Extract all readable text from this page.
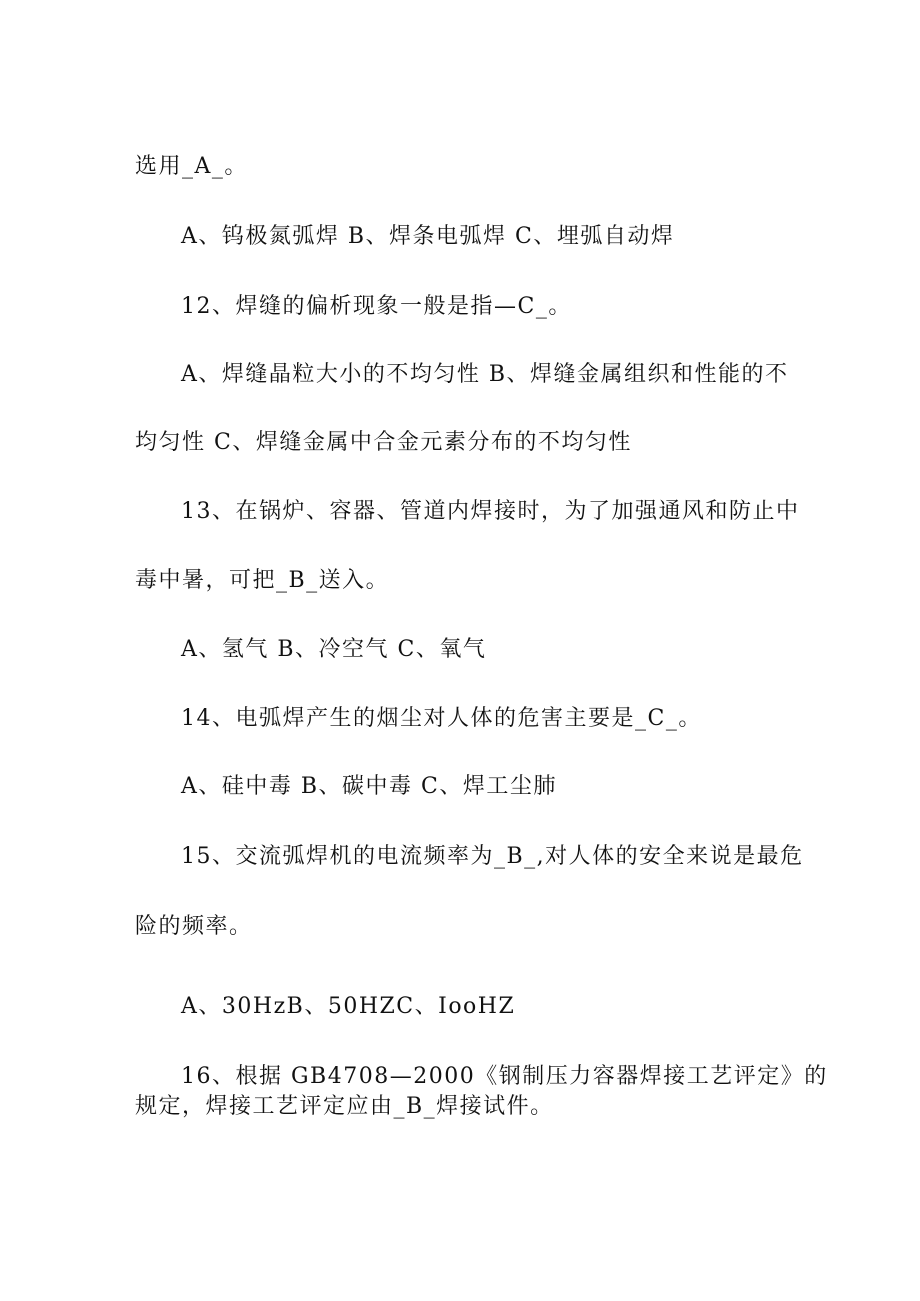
选用_A_。
A、钨极氮弧焊 B、焊条电弧焊 C、埋弧自动焊
12、焊缝的偏析现象一般是指—C_。
A、焊缝晶粒大小的不均匀性 B、焊缝金属组织和性能的不
均匀性 C、焊缝金属中合金元素分布的不均匀性
13、在锅炉、容器、管道内焊接时，为了加强通风和防止中
毒中暑，可把_B_送入。
A、氢气 B、冷空气 C、氧气
14、电弧焊产生的烟尘对人体的危害主要是_C_。
A、硅中毒 B、碳中毒 C、焊工尘肺
15、交流弧焊机的电流频率为_B_,对人体的安全来说是最危
险的频率。
A、30HzB、50HZC、IooHZ
16、根据 GB4708—2000《钢制压力容器焊接工艺评定》的
规定，焊接工艺评定应由_B_焊接试件。
